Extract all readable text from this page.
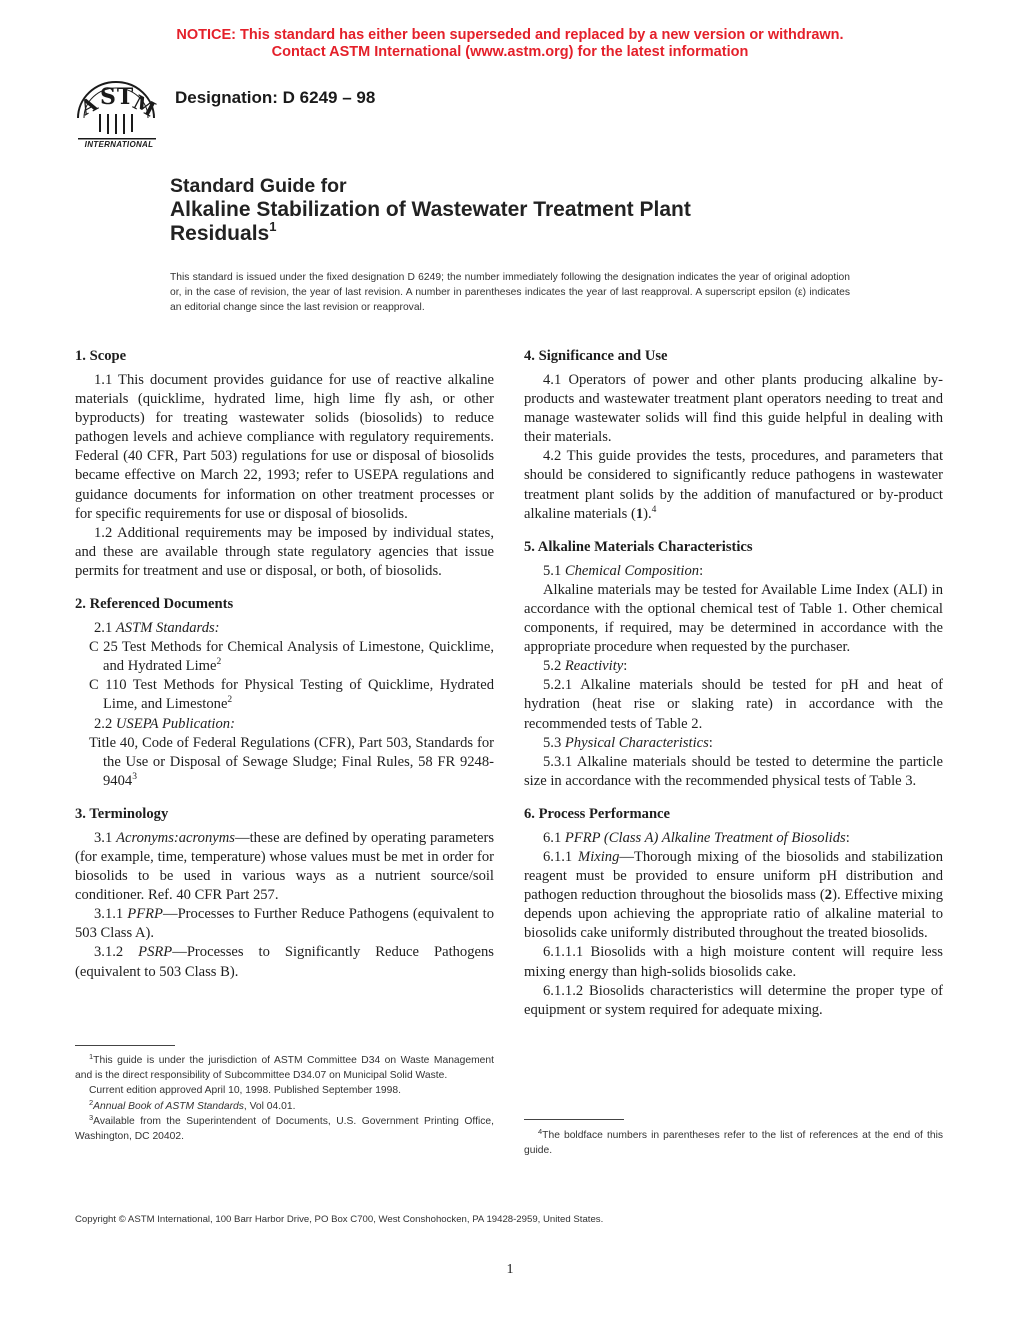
NOTICE: This standard has either been superseded and replaced by a new version or withdrawn.
Contact ASTM International (www.astm.org) for the latest information
A
S T
M
INTERNATIONAL
Designation: D 6249 – 98
Standard Guide for
Alkaline Stabilization of Wastewater Treatment Plant
Residuals$^1$
This standard is issued under the fixed designation D 6249; the number immediately following the designation indicates the year of original adoption or, in the case of revision, the year of last revision. A number in parentheses indicates the year of last reapproval. A superscript epsilon (ε) indicates an editorial change since the last revision or reapproval.
1. Scope

1.1 This document provides guidance for use of reactive alkaline materials (quicklime, hydrated lime, high lime fly ash, or other byproducts) for treating wastewater solids (biosolids) to reduce pathogen levels and achieve compliance with regulatory requirements. Federal (40 CFR, Part 503) regulations for use or disposal of biosolids became effective on March 22, 1993; refer to USEPA regulations and guidance documents for information on other treatment processes or for specific requirements for use or disposal of biosolids.

1.2 Additional requirements may be imposed by individual states, and these are available through state regulatory agencies that issue permits for treatment and use or disposal, or both, of biosolids.

2. Referenced Documents

2.1 ASTM Standards:

C 25 Test Methods for Chemical Analysis of Limestone, Quicklime, and Hydrated Lime$^2$
C 110 Test Methods for Physical Testing of Quicklime, Hydrated Lime, and Limestone$^2$

2.2 USEPA Publication:

Title 40, Code of Federal Regulations (CFR), Part 503, Standards for the Use or Disposal of Sewage Sludge; Final Rules, 58 FR 9248-9404$^3$
3. Terminology

3.1 Acronyms:acronyms—these are defined by operating parameters (for example, time, temperature) whose values must be met in order for biosolids to be used in various ways as a nutrient source/soil conditioner. Ref. 40 CFR Part 257.

3.1.1 PFRP—Processes to Further Reduce Pathogens (equivalent to 503 Class A).

3.1.2 PSRP—Processes to Significantly Reduce Pathogens (equivalent to 503 Class B).

4. Significance and Use

4.1 Operators of power and other plants producing alkaline by-products and wastewater treatment plant operators needing to treat and manage wastewater solids will find this guide helpful in dealing with their materials.

4.2 This guide provides the tests, procedures, and parameters that should be considered to significantly reduce pathogens in wastewater treatment plant solids by the addition of manufactured or by-product alkaline materials (1).$^4$

5. Alkaline Materials Characteristics

5.1 Chemical Composition:

Alkaline materials may be tested for Available Lime Index (ALI) in accordance with the optional chemical test of Table 1. Other chemical components, if required, may be determined in accordance with the appropriate procedure when requested by the purchaser.

5.2 Reactivity:

5.2.1 Alkaline materials should be tested for pH and heat of hydration (heat rise or slaking rate) in accordance with the recommended tests of Table 2.

5.3 Physical Characteristics:

5.3.1 Alkaline materials should be tested to determine the particle size in accordance with the recommended physical tests of Table 3.

6. Process Performance

6.1 PFRP (Class A) Alkaline Treatment of Biosolids:

6.1.1 Mixing—Thorough mixing of the biosolids and stabilization reagent must be provided to ensure uniform pH distribution and pathogen reduction throughout the biosolids mass (2). Effective mixing depends upon achieving the appropriate ratio of alkaline material to biosolids cake uniformly distributed throughout the treated biosolids.

6.1.1.1 Biosolids with a high moisture content will require less mixing energy than high-solids biosolids cake.

6.1.1.2 Biosolids characteristics will determine the proper type of equipment or system required for adequate mixing.

$^1$This guide is under the jurisdiction of ASTM Committee D34 on Waste Management and is the direct responsibility of Subcommittee D34.07 on Municipal Solid Waste.

Current edition approved April 10, 1998. Published September 1998.

$^2$Annual Book of ASTM Standards, Vol 04.01.

$^3$Available from the Superintendent of Documents, U.S. Government Printing Office, Washington, DC 20402.	$^4$The boldface numbers in parentheses refer to the list of references at the end of this guide.

Copyright © ASTM International, 100 Barr Harbor Drive, PO Box C700, West Conshohocken, PA 19428-2959, United States.
1
